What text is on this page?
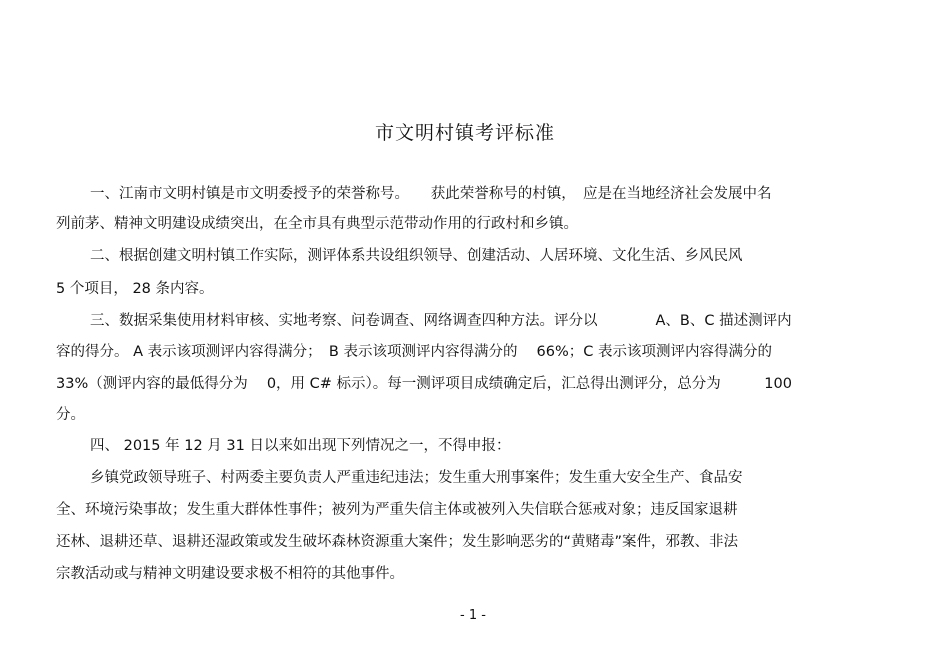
市文明村镇考评标准
一、江南市文明村镇是市文明委授予的荣誉称号。　　获此荣誉称号的村镇，　应是在当地经济社会发展中名
列前茅、精神文明建设成绩突出，在全市具有典型示范带动作用的行政村和乡镇。
二、根据创建文明村镇工作实际，测评体系共设组织领导、创建活动、人居环境、文化生活、乡风民风
5 个项目， 28 条内容。
三、数据采集使用材料审核、实地考察、问卷调查、网络调查四种方法。评分以　　　　A、B、C 描述测评内
容的得分。 A 表示该项测评内容得满分；　B 表示该项测评内容得满分的　 66%；C 表示该项测评内容得满分的
33%（测评内容的最低得分为　 0，用 C# 标示）。每一测评项目成绩确定后，汇总得出测评分，总分为　　　100
分。
四、 2015 年 12 月 31 日以来如出现下列情况之一，不得申报：
乡镇党政领导班子、村两委主要负责人严重违纪违法；发生重大刑事案件；发生重大安全生产、食品安
全、环境污染事故；发生重大群体性事件；被列为严重失信主体或被列入失信联合惩戒对象；违反国家退耕
还林、退耕还草、退耕还湿政策或发生破坏森林资源重大案件；发生影响恶劣的“黄赌毒”案件，邪教、非法
宗教活动或与精神文明建设要求极不相符的其他事件。
- 1 -
